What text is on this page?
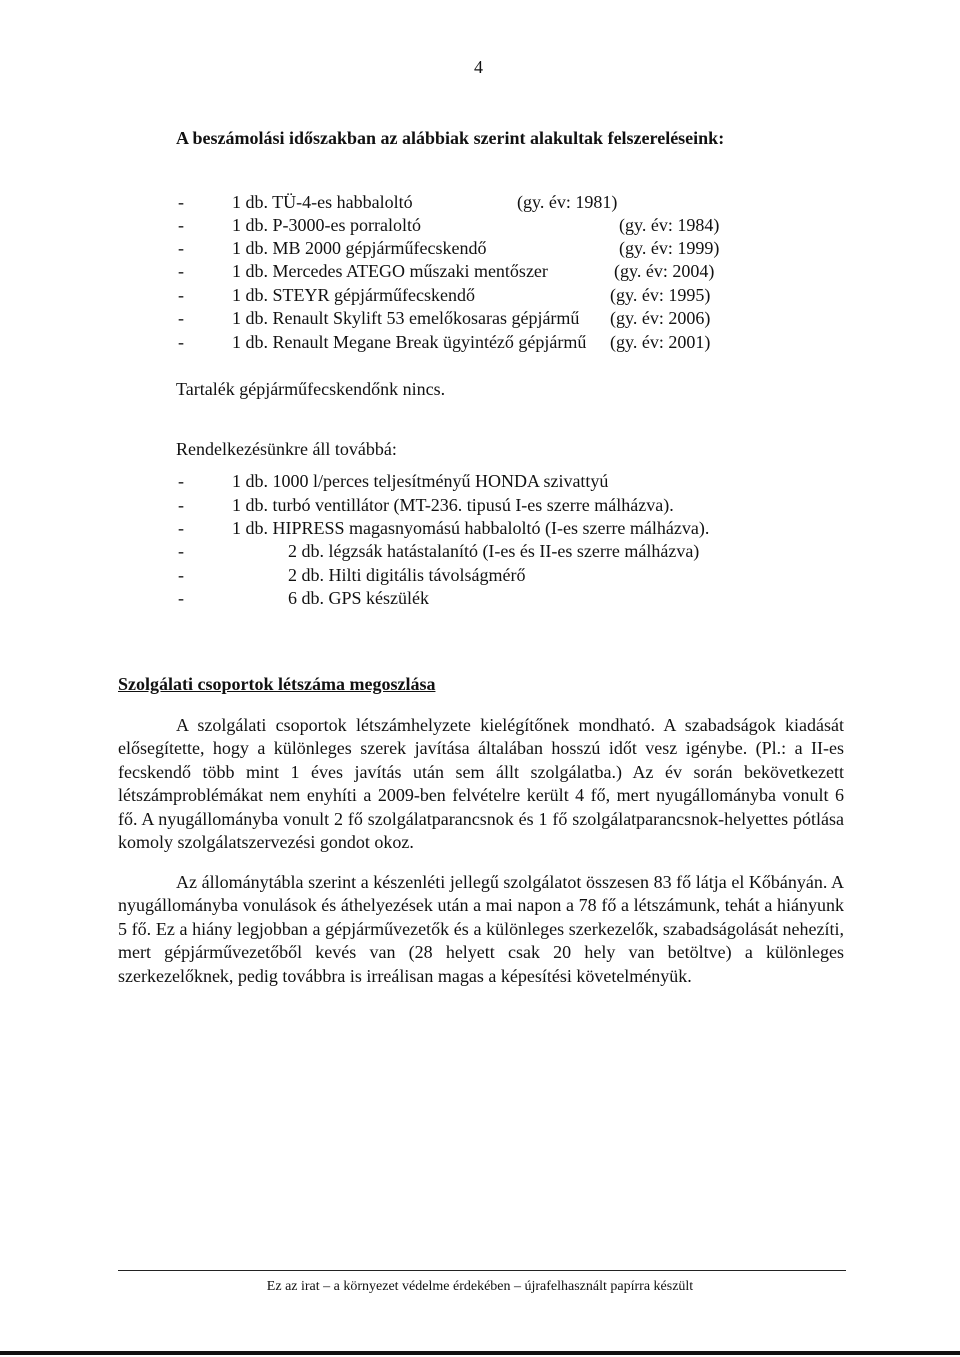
4
A beszámolási időszakban az alábbiak szerint alakultak felszereléseink:
-	1 db. TÜ-4-es habbaloltó	(gy. év: 1981)
-	1 db. P-3000-es porraloltó	(gy. év: 1984)
-	1 db. MB 2000 gépjárműfecskendő	(gy. év: 1999)
-	1 db. Mercedes ATEGO műszaki mentőszer	(gy. év: 2004)
-	1 db. STEYR gépjárműfecskendő	(gy. év: 1995)
-	1 db. Renault Skylift 53 emelőkosaras gépjármű (gy. év: 2006)
-	1 db. Renault Megane Break ügyintéző gépjármű (gy. év: 2001)
Tartalék gépjárműfecskendőnk nincs.
Rendelkezésünkre áll továbbá:
-	1 db. 1000 l/perces teljesítményű HONDA szivattyú
-	1 db. turbó ventillátor (MT-236. tipusú I-es szerre málházva).
-	1 db. HIPRESS magasnyomású habbaloltó (I-es szerre málházva).
-	2 db. légzsák hatástalanító (I-es és II-es szerre málházva)
-	2 db. Hilti digitális távolságmérő
-	6 db. GPS készülék
Szolgálati csoportok létszáma megoszlása

A szolgálati csoportok létszámhelyzete kielégítőnek mondható. A szabadságok kiadását elősegítette, hogy a különleges szerek javítása általában hosszú időt vesz igénybe. (Pl.: a II-es fecskendő több mint 1 éves javítás után sem állt szolgálatba.) Az év során bekövetkezett létszámproblémákat nem enyhíti a 2009-ben felvételre került 4 fő, mert nyugállományba vonult 6 fő. A nyugállományba vonult 2 fő szolgálatparancsnok és 1 fő szolgálatparancsnok-helyettes pótlása komoly szolgálatszervezési gondot okoz.

Az állománytábla szerint a készenléti jellegű szolgálatot összesen 83 fő látja el Kőbányán. A nyugállományba vonulások és áthelyezések után a mai napon a 78 fő a létszámunk, tehát a hiányunk 5 fő. Ez a hiány legjobban a gépjárművezetők és a különleges szerkezelők, szabadságolását nehezíti, mert gépjárművezetőből kevés van (28 helyett csak 20 hely van betöltve) a különleges szerkezelőknek, pedig továbbra is irreálisan magas a képesítési követelményük.

Ez az irat – a környezet védelme érdekében – újrafelhasznált papírra készült
